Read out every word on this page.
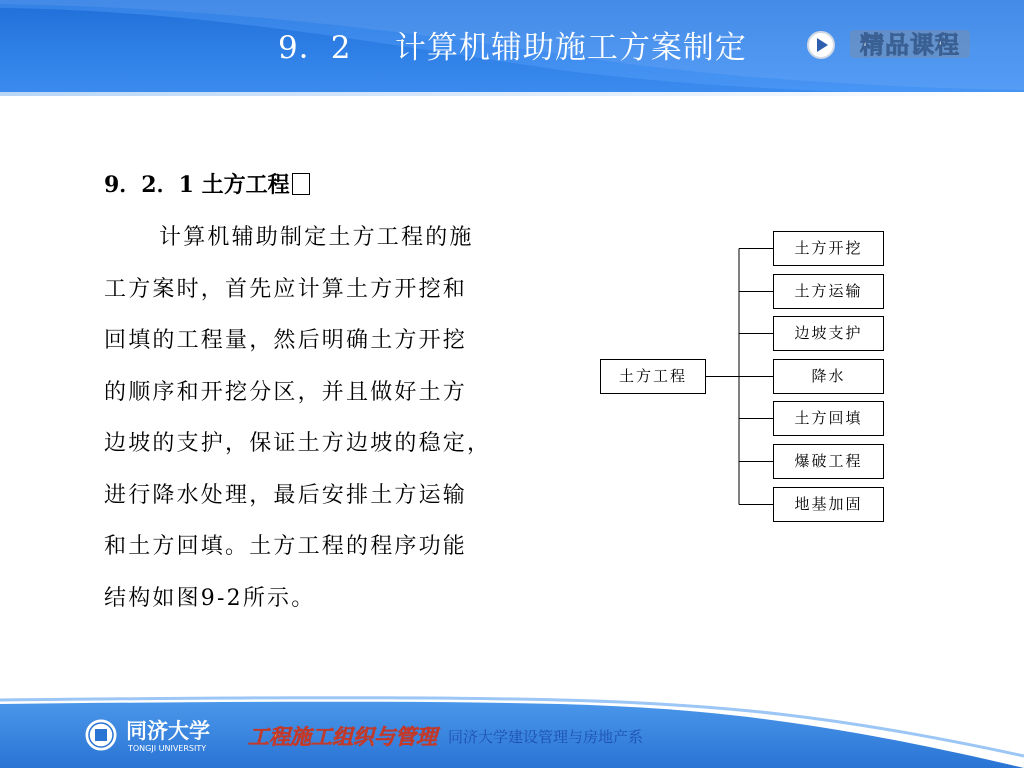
9．2    计算机辅助施工方案制定	精品课程
9．2．1 土方工程
计算机辅助制定土方工程的施
工方案时，首先应计算土方开挖和
回填的工程量，然后明确土方开挖
的顺序和开挖分区，并且做好土方
边坡的支护，保证土方边坡的稳定，
进行降水处理，最后安排土方运输
和土方回填。土方工程的程序功能
结构如图9-2所示。
土方工程
土方开挖
土方运输
边坡支护
降水
土方回填
爆破工程
地基加固
同济大学
TONGJI UNIVERSITY 工程施工组织与管理 同济大学建设管理与房地产系
